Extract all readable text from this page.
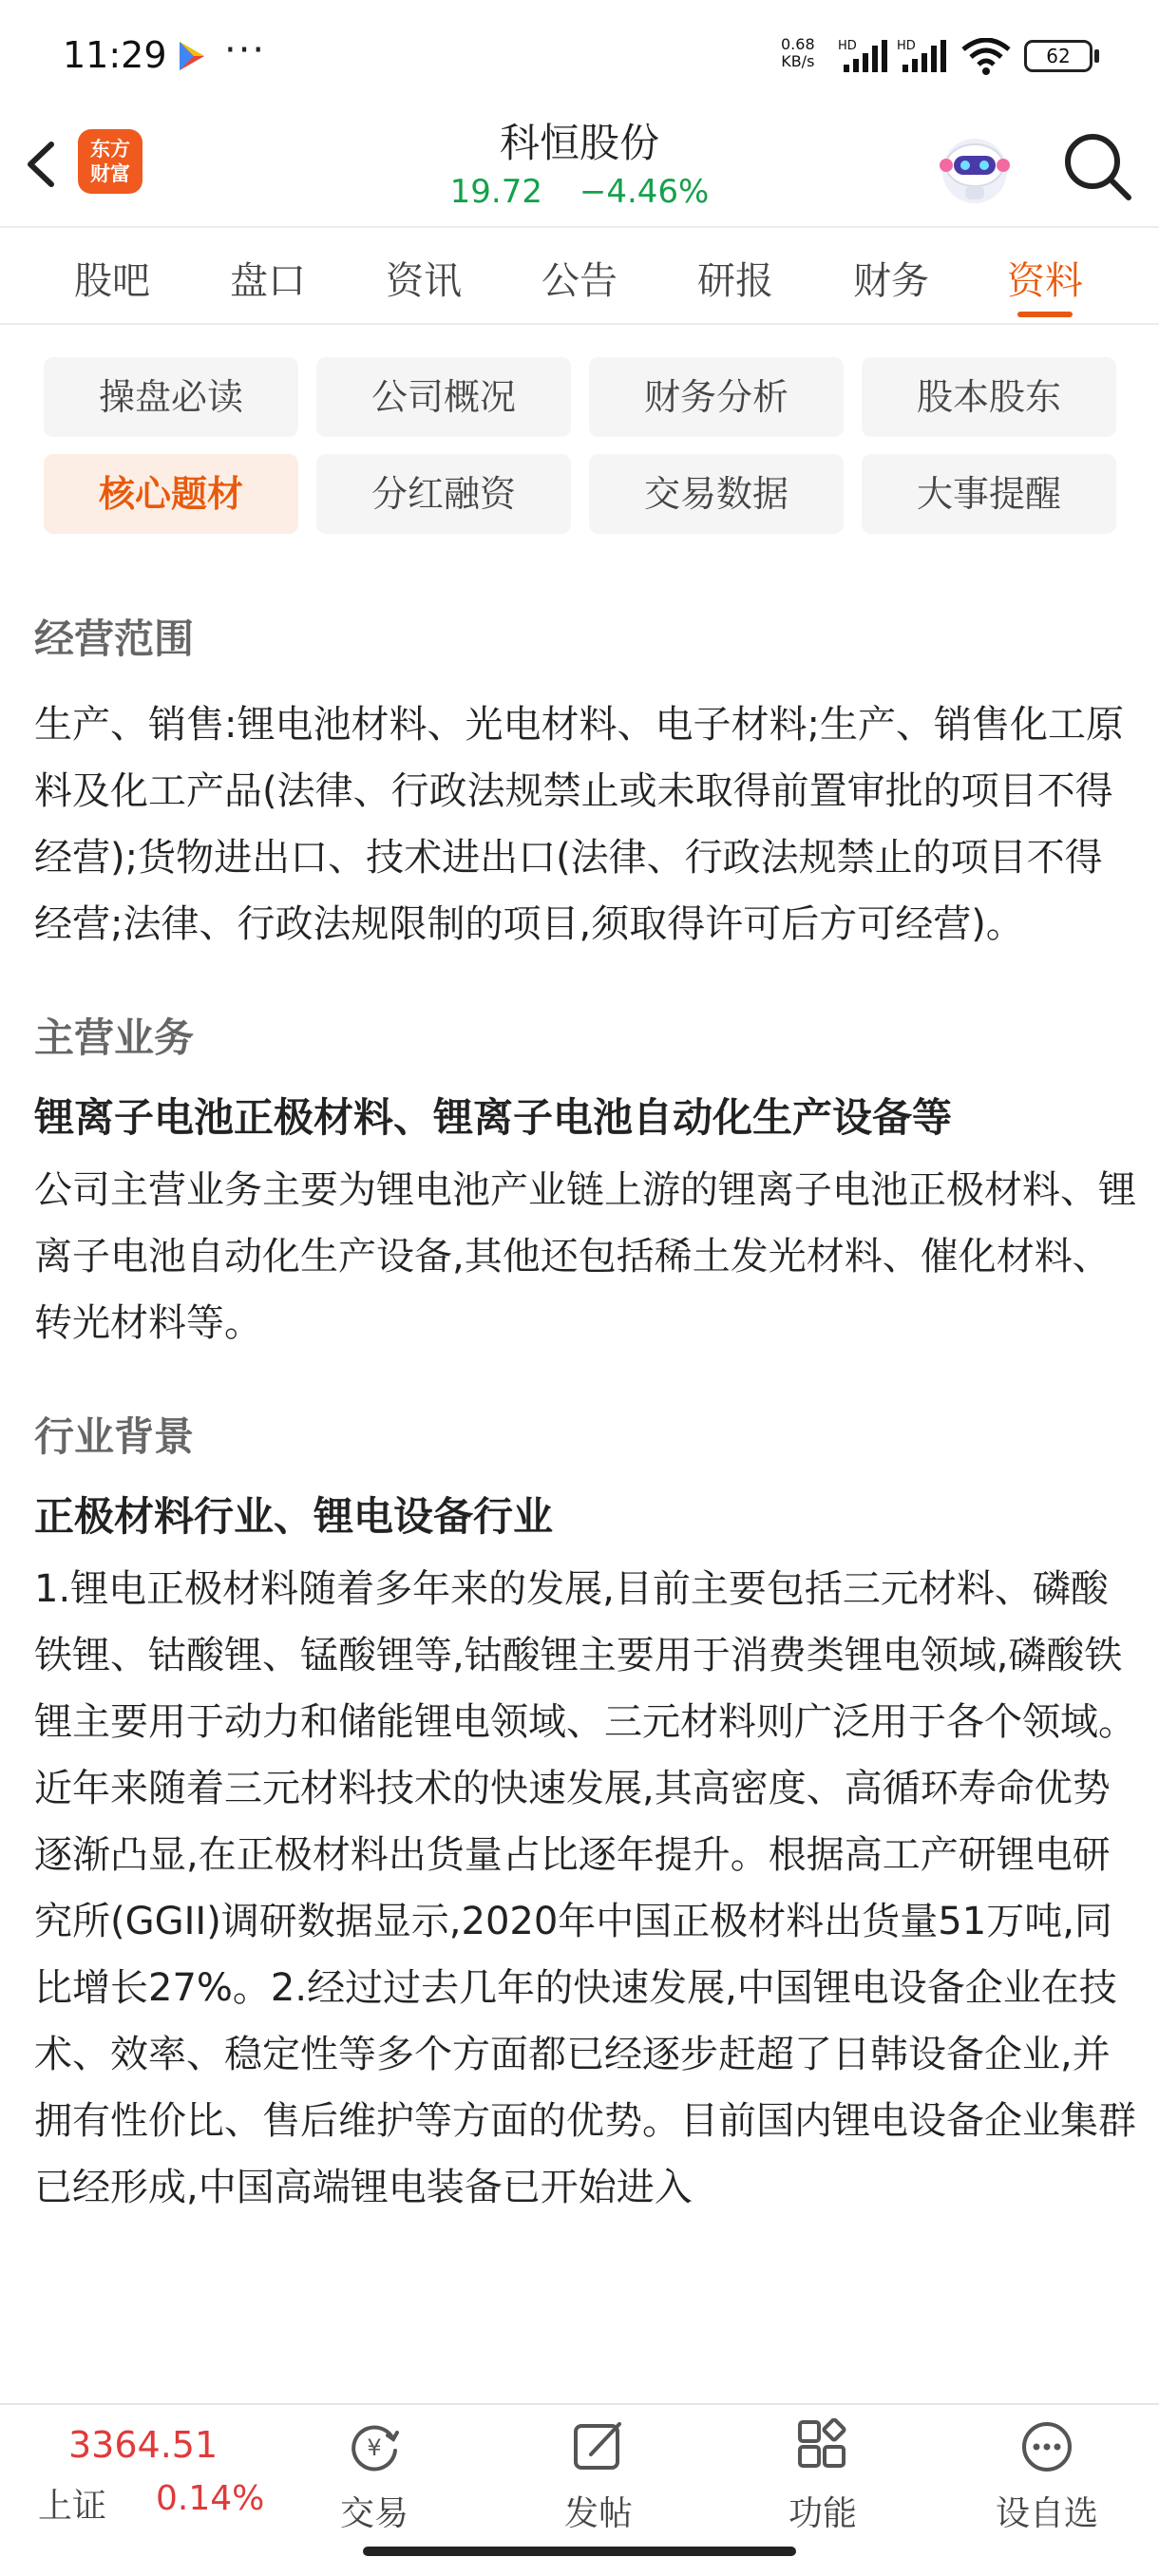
11:29 ···	0.68
KB/s
HD	HD	62
东方
财富
科恒股份
19.72 −4.46%
股吧	盘口	资讯	公告	研报	财务	资料
操盘必读	公司概况	财务分析	股本股东
核心题材	分红融资	交易数据	大事提醒
经营范围

生产、销售:锂电池材料、光电材料、电子材料;生产、销售化工原料及化工产品(法律、行政法规禁止或未取得前置审批的项目不得经营);货物进出口、技术进出口(法律、行政法规禁止的项目不得经营;法律、行政法规限制的项目,须取得许可后方可经营)。

主营业务

锂离子电池正极材料、锂离子电池自动化生产设备等

公司主营业务主要为锂电池产业链上游的锂离子电池正极材料、锂离子电池自动化生产设备,其他还包括稀土发光材料、催化材料、转光材料等。

行业背景

正极材料行业、锂电设备行业

1.锂电正极材料随着多年来的发展,目前主要包括三元材料、磷酸铁锂、钴酸锂、锰酸锂等,钴酸锂主要用于消费类锂电领域,磷酸铁锂主要用于动力和储能锂电领域、三元材料则广泛用于各个领域。近年来随着三元材料技术的快速发展,其高密度、高循环寿命优势逐渐凸显,在正极材料出货量占比逐年提升。根据高工产研锂电研究所(GGII)调研数据显示,2020年中国正极材料出货量51万吨,同比增长27%。2.经过过去几年的快速发展,中国锂电设备企业在技术、效率、稳定性等多个方面都已经逐步赶超了日韩设备企业,并拥有性价比、售后维护等方面的优势。目前国内锂电设备企业集群已经形成,中国高端锂电装备已开始进入

3364.51
上证 0.14%
¥
交易	发帖	功能	设自选
